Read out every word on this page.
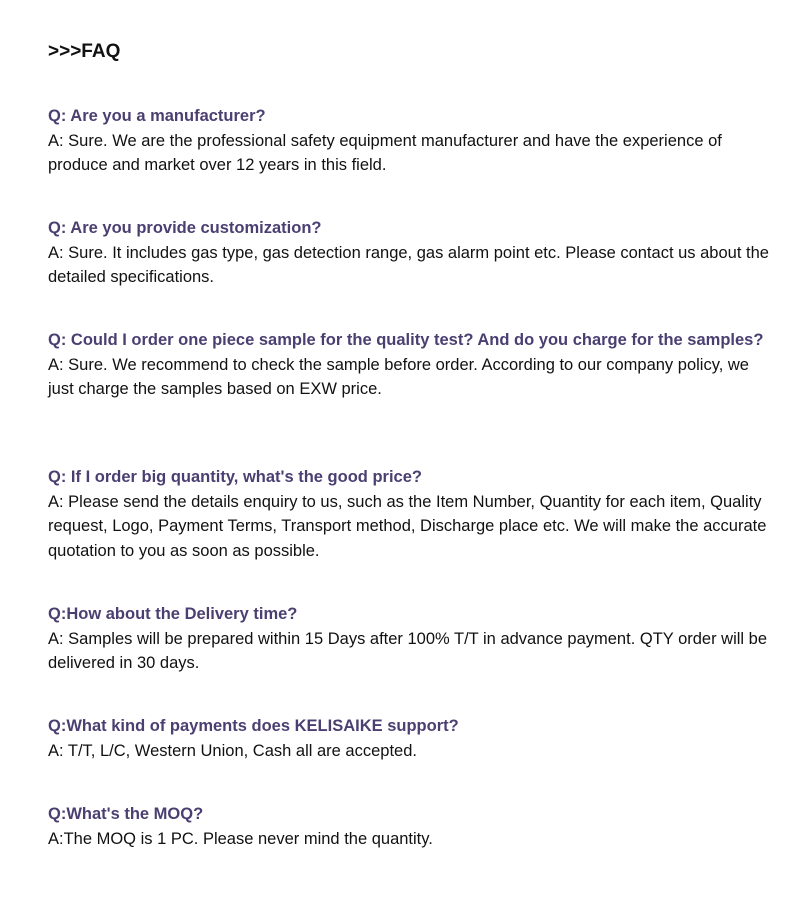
>>>FAQ

Q: Are you a manufacturer?

A: Sure. We are the professional safety equipment manufacturer and have the experience of produce and market over 12 years in this field.

Q: Are you provide customization?

A: Sure. It includes gas type, gas detection range, gas alarm point etc. Please contact us about the detailed specifications.

Q: Could I order one piece sample for the quality test? And do you charge for the samples?

A: Sure. We recommend to check the sample before order. According to our company policy, we just charge the samples based on EXW price.

Q: If I order big quantity, what's the good price?

A: Please send the details enquiry to us, such as the Item Number, Quantity for each item, Quality request, Logo, Payment Terms, Transport method, Discharge place etc. We will make the accurate quotation to you as soon as possible.

Q:How about the Delivery time?

A: Samples will be prepared within 15 Days after 100% T/T in advance payment. QTY order will be delivered in 30 days.

Q:What kind of payments does KELISAIKE support?

A: T/T, L/C, Western Union, Cash all are accepted.

Q:What's the MOQ?

A:The MOQ is 1 PC. Please never mind the quantity.
